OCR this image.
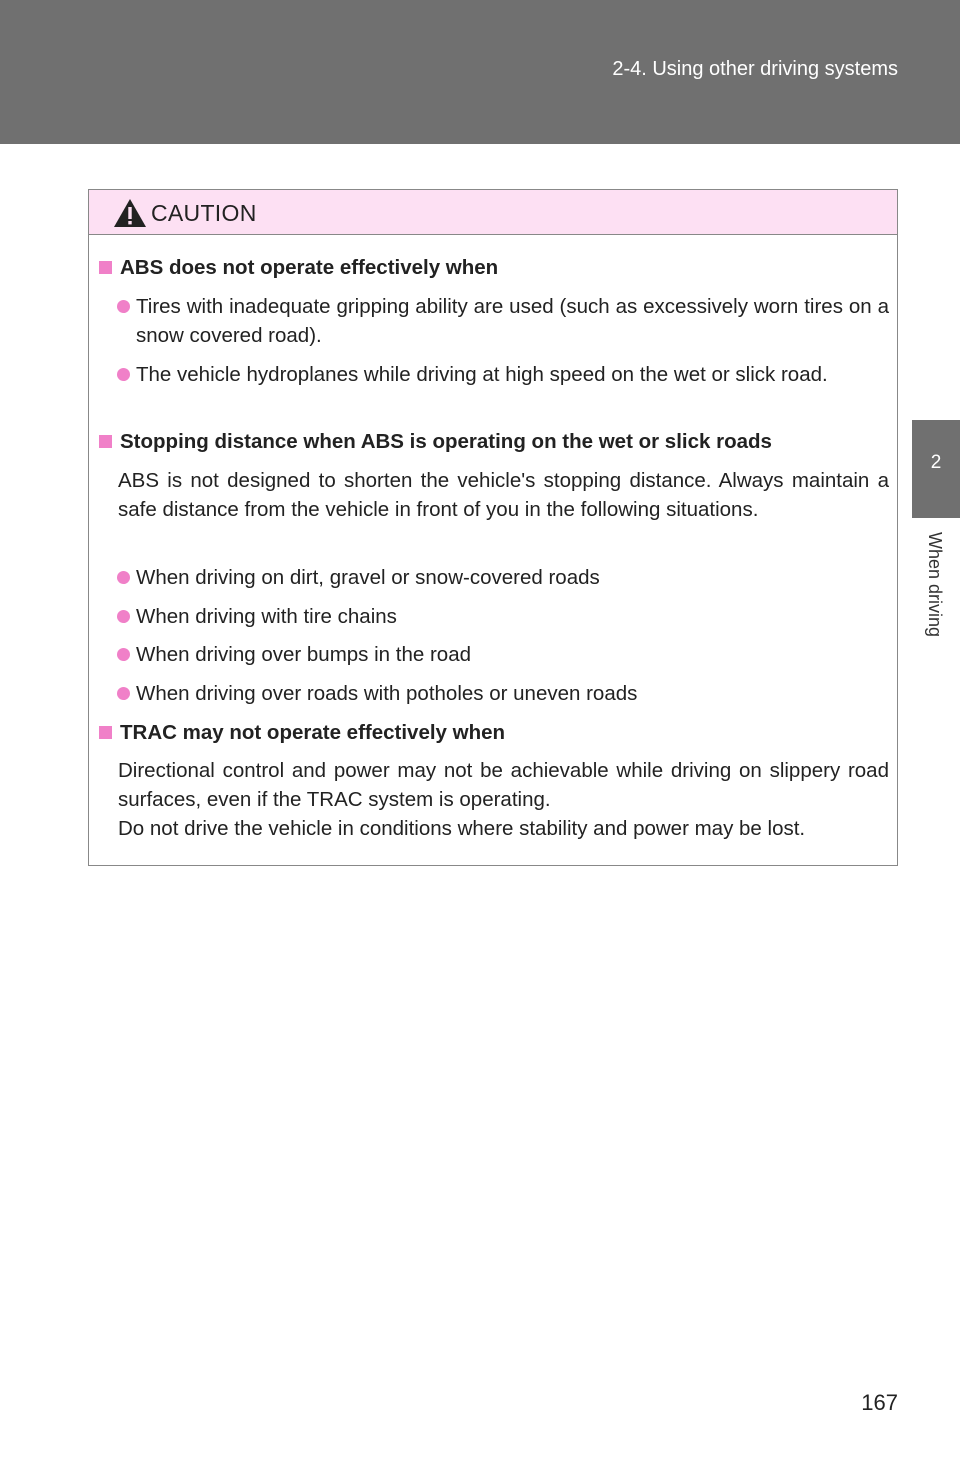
2-4. Using other driving systems
2
When driving
CAUTION
ABS does not operate effectively when
Tires with inadequate gripping ability are used (such as excessively worn tires on a snow covered road).
The vehicle hydroplanes while driving at high speed on the wet or slick road.
Stopping distance when ABS is operating on the wet or slick roads
ABS is not designed to shorten the vehicle's stopping distance. Always maintain a safe distance from the vehicle in front of you in the following situations.
When driving on dirt, gravel or snow-covered roads
When driving with tire chains
When driving over bumps in the road
When driving over roads with potholes or uneven roads
TRAC may not operate effectively when
Directional control and power may not be achievable while driving on slippery road surfaces, even if the TRAC system is operating.
Do not drive the vehicle in conditions where stability and power may be lost.
167
